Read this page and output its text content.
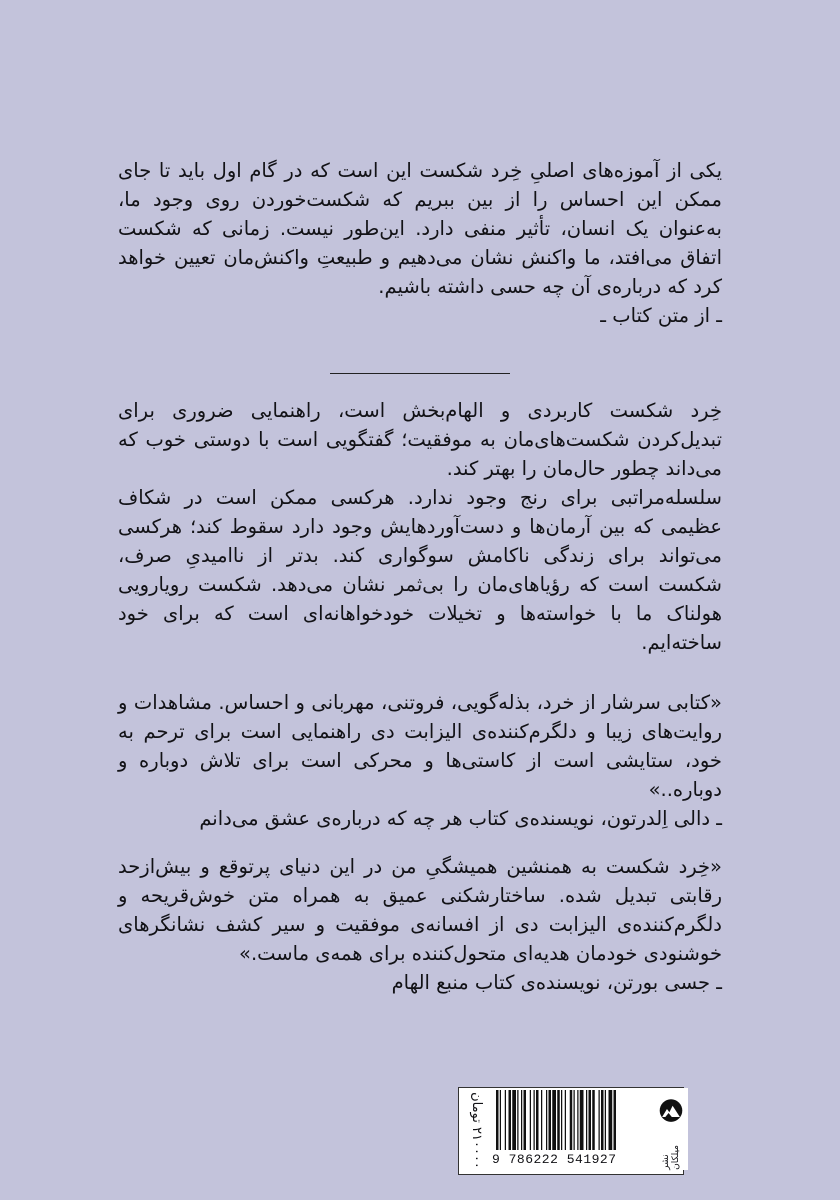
یکی از آموزه‌های اصلیِ خِرد شکست این است که در گام اول باید تا جای ممکن این احساس را از بین ببریم که شکست‌خوردن روی وجود ما، به‌عنوان یک انسان، تأثیر منفی دارد. این‌طور نیست. زمانی که شکست اتفاق می‌افتد، ما واکنش نشان می‌دهیم و طبیعتِ واکنش‌مان تعیین خواهد کرد که درباره‌ی آن چه حسی داشته باشیم.

ـ از متن کتاب ـ

خِرد شکست کاربردی و الهام‌بخش است، راهنمایی ضروری برای تبدیل‌کردن شکست‌های‌مان به موفقیت؛ گفتگویی است با دوستی خوب که می‌داند چطور حال‌مان را بهتر کند.

سلسله‌مراتبی برای رنج وجود ندارد. هرکسی ممکن است در شکاف عظیمی که بین آرمان‌ها و دست‌آوردهایش وجود دارد سقوط کند؛ هرکسی می‌تواند برای زندگی ناکامش سوگواری کند. بدتر از ناامیدیِ صرف، شکست است که رؤیاهای‌مان را بی‌ثمر نشان می‌دهد. شکست رویارویی هولناک ما با خواسته‌ها و تخیلات خودخواهانه‌ای است که برای خود ساخته‌ایم.

«کتابی سرشار از خرد، بذله‌گویی، فروتنی، مهربانی و احساس. مشاهدات و روایت‌های زیبا و دلگرم‌کننده‌ی الیزابت دی راهنمایی است برای ترحم به خود، ستایشی است از کاستی‌ها و محرکی است برای تلاش دوباره و دوباره..»

ـ دالی اِلدرتون، نویسنده‌ی کتاب هر چه که درباره‌ی عشق می‌دانم

«خِرد شکست به همنشین همیشگیِ من در این دنیای پرتوقع و بیش‌ازحد رقابتی تبدیل شده. ساختارشکنی عمیق به همراه متن خوش‌قریحه و دلگرم‌کننده‌ی الیزابت دی از افسانه‌ی موفقیت و سیر کشف نشانگرهای خوشنودی خودمان هدیه‌ای متحول‌کننده برای همه‌ی ماست.»

ـ جسی بورتن، نویسنده‌ی کتاب منبع الهام

۲۱۰۰۰۰ تومان 9 786222 541927	نشر میلکان
